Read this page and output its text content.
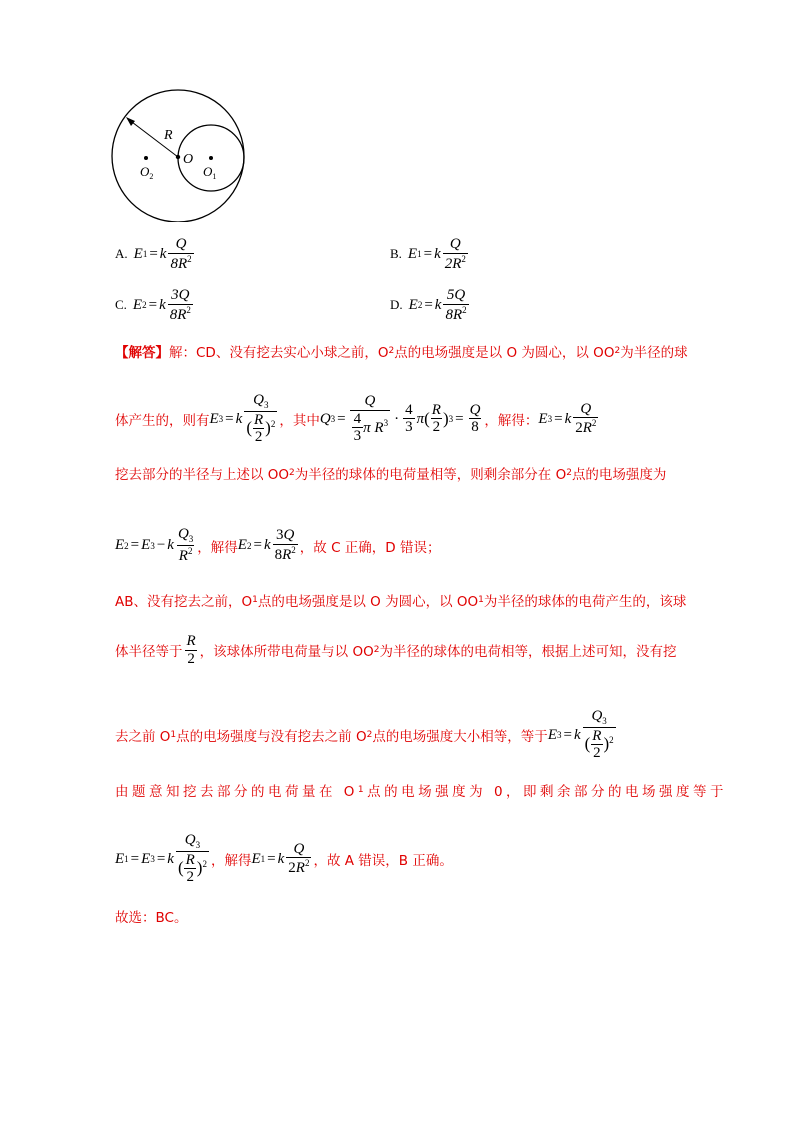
R
O
$O_1$
$O_2$
A. E 1 = k $\frac{Q}{8R^2}$	B. E 1 = k $\frac{Q}{2R^2}$
C. E 2 = k $\frac{3Q}{8R^2}$	D. E 2 = k $\frac{5Q}{8R^2}$
【解答】 解：CD、没有挖去实心小球之前，O 2 点的电场强度是以 O 为圆心，以 OO 2 为半径的球
体产生的，则有 E 3 = k $\frac{Q_3}{( \frac{R}{2} )^2}$ ，其中 Q $3 = \frac{Q}{\frac{4}{3} \pi R^3} \cdot \frac{4}{3}$ π ( $\frac{R}{2}$ ) $3 = \frac{Q}{8}$ ，解得： E 3 = k $\frac{Q}{2R^2}$
挖去部分的半径与上述以 OO 2 为半径的球体的电荷量相等，则剩余部分在 O 2 点的电场强度为
E 2 = E 3 − k $\frac{Q_3}{R^2}$ ，解得 E 2 = k $\frac{3Q}{8R^2}$ ，故 C 正确，D 错误；
AB、没有挖去之前，O 1 点的电场强度是以 O 为圆心，以 OO 1 为半径的球体的电荷产生的，该球
体半径等于 $\frac{R}{2}$ ，该球体所带电荷量与以 OO 2 为半径的球体的电荷相等，根据上述可知，没有挖
去之前 O 1 点的电场强度与没有挖去之前 O 2 点的电场强度大小相等，等于 E 3 = k $\frac{Q_3}{( \frac{R}{2} )^2}$
由题意知挖去部分的电荷量在 O 1 点的电场强度为 0，即剩余部分的电场强度等于
E 1 = E 3 = k $\frac{Q_3}{( \frac{R}{2} )^2}$ ，解得 E 1 = k $\frac{Q}{2R^2}$ ，故 A 错误，B 正确。
故选：BC。
